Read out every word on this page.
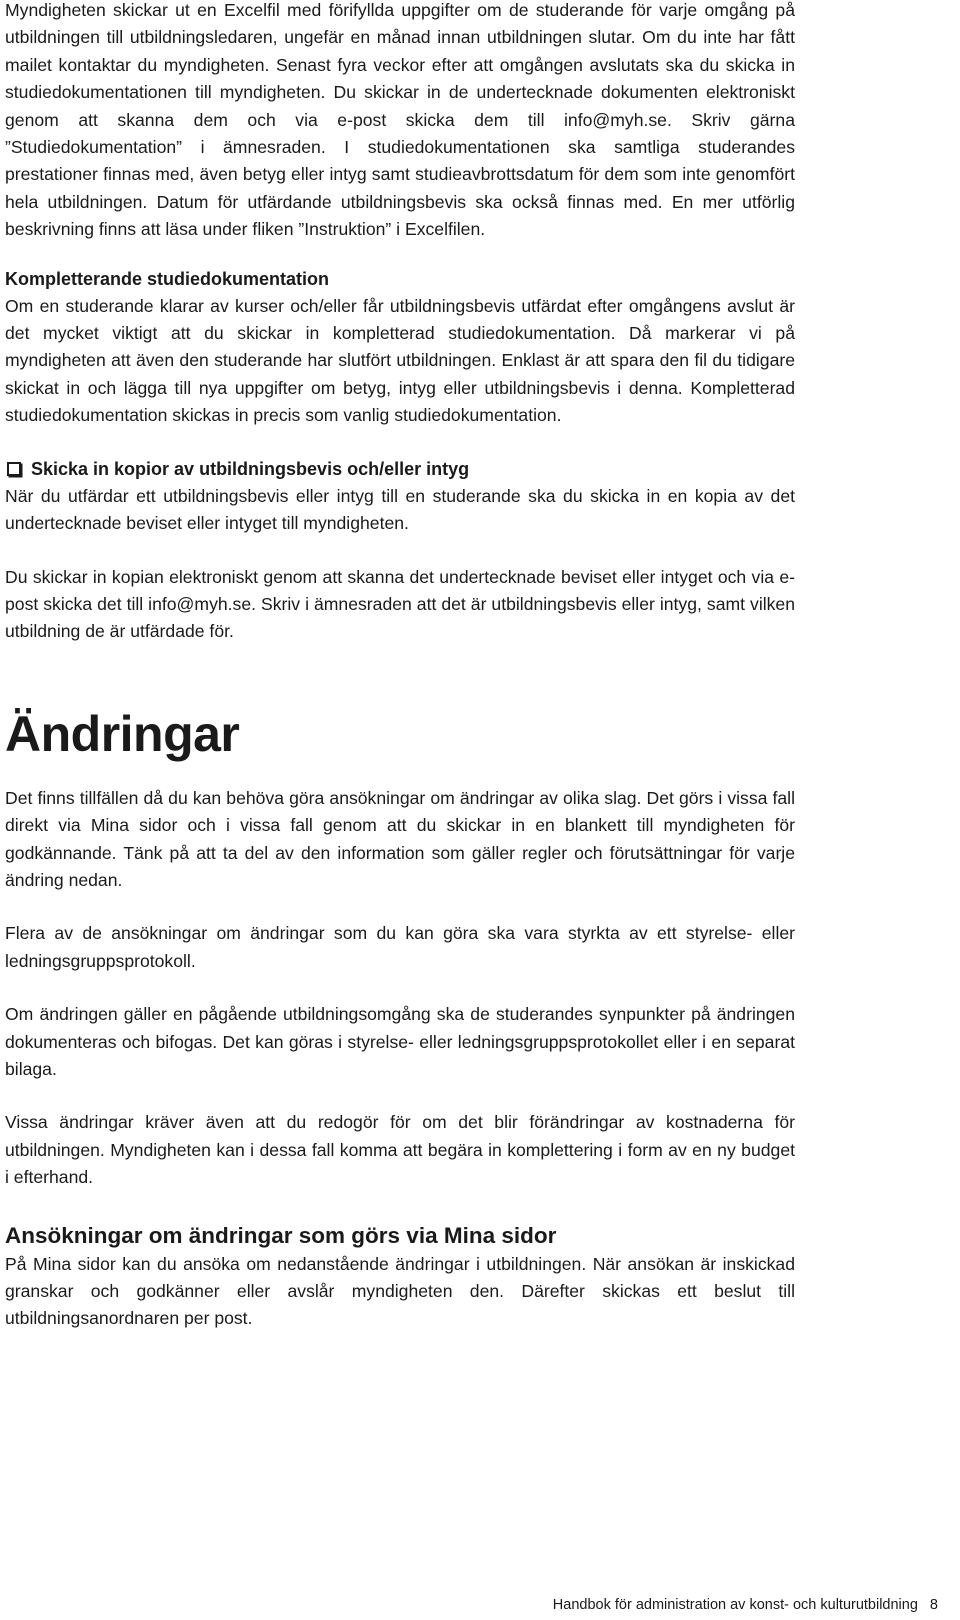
Myndigheten skickar ut en Excelfil med förifyllda uppgifter om de studerande för varje omgång på utbildningen till utbildningsledaren, ungefär en månad innan utbildningen slutar. Om du inte har fått mailet kontaktar du myndigheten. Senast fyra veckor efter att omgången avslutats ska du skicka in studiedokumentationen till myndigheten. Du skickar in de undertecknade dokumenten elektroniskt genom att skanna dem och via e-post skicka dem till info@myh.se. Skriv gärna ”Studiedokumentation” i ämnesraden. I studiedokumentationen ska samtliga studerandes prestationer finnas med, även betyg eller intyg samt studieavbrottsdatum för dem som inte genomfört hela utbildningen. Datum för utfärdande utbildningsbevis ska också finnas med. En mer utförlig beskrivning finns att läsa under fliken ”Instruktion” i Excelfilen.

Kompletterande studiedokumentation

Om en studerande klarar av kurser och/eller får utbildningsbevis utfärdat efter omgångens avslut är det mycket viktigt att du skickar in kompletterad studiedokumentation. Då markerar vi på myndigheten att även den studerande har slutfört utbildningen. Enklast är att spara den fil du tidigare skickat in och lägga till nya uppgifter om betyg, intyg eller utbildningsbevis i denna. Kompletterad studiedokumentation skickas in precis som vanlig studiedokumentation.

Skicka in kopior av utbildningsbevis och/eller intyg

När du utfärdar ett utbildningsbevis eller intyg till en studerande ska du skicka in en kopia av det undertecknade beviset eller intyget till myndigheten.

Du skickar in kopian elektroniskt genom att skanna det undertecknade beviset eller intyget och via e-post skicka det till info@myh.se. Skriv i ämnesraden att det är utbildningsbevis eller intyg, samt vilken utbildning de är utfärdade för.

Ändringar

Det finns tillfällen då du kan behöva göra ansökningar om ändringar av olika slag. Det görs i vissa fall direkt via Mina sidor och i vissa fall genom att du skickar in en blankett till myndigheten för godkännande. Tänk på att ta del av den information som gäller regler och förutsättningar för varje ändring nedan.

Flera av de ansökningar om ändringar som du kan göra ska vara styrkta av ett styrelse- eller ledningsgruppsprotokoll.

Om ändringen gäller en pågående utbildningsomgång ska de studerandes synpunkter på ändringen dokumenteras och bifogas. Det kan göras i styrelse- eller ledningsgruppsprotokollet eller i en separat bilaga.

Vissa ändringar kräver även att du redogör för om det blir förändringar av kostnaderna för utbildningen. Myndigheten kan i dessa fall komma att begära in komplettering i form av en ny budget i efterhand.

Ansökningar om ändringar som görs via Mina sidor

På Mina sidor kan du ansöka om nedanstående ändringar i utbildningen. När ansökan är inskickad granskar och godkänner eller avslår myndigheten den. Därefter skickas ett beslut till utbildningsanordnaren per post.

Handbok för administration av konst- och kulturutbildning 8
